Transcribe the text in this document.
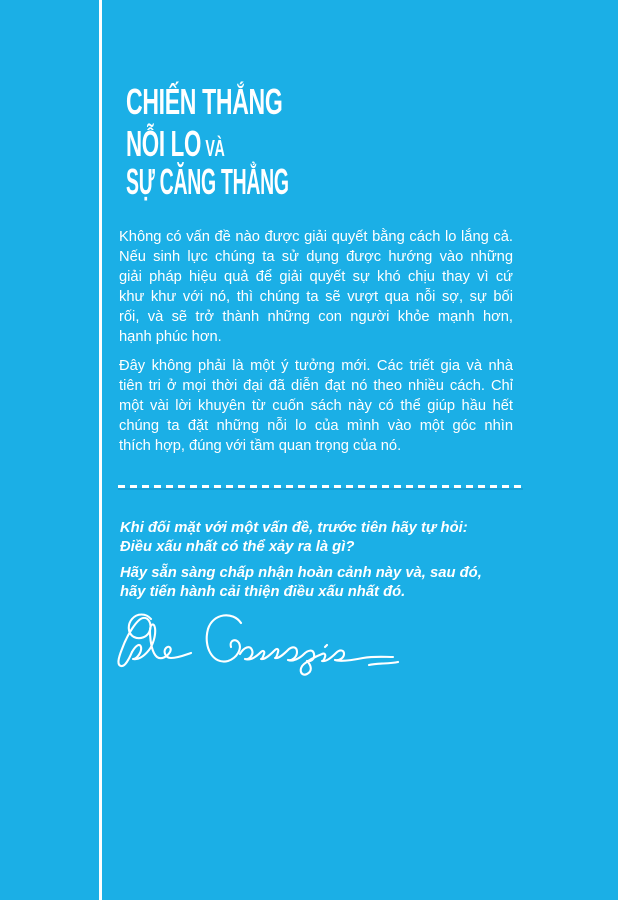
CHIẾN THẮNG
NỖI LO VÀ
SỰ CĂNG THẲNG
Không có vấn đề nào được giải quyết bằng cách lo lắng cả.
Nếu sinh lực chúng ta sử dụng được hướng vào những
giải pháp hiệu quả để giải quyết sự khó chịu thay vì cứ
khư khư với nó, thì chúng ta sẽ vượt qua nỗi sợ, sự bối
rối, và sẽ trở thành những con người khỏe mạnh hơn,
hạnh phúc hơn.
Đây không phải là một ý tưởng mới. Các triết gia và nhà
tiên tri ở mọi thời đại đã diễn đạt nó theo nhiều cách. Chỉ
một vài lời khuyên từ cuốn sách này có thể giúp hầu hết
chúng ta đặt những nỗi lo của mình vào một góc nhìn
thích hợp, đúng với tầm quan trọng của nó.
Khi đối mặt với một vấn đề, trước tiên hãy tự hỏi:
Điều xấu nhất có thể xảy ra là gì?
Hãy sẵn sàng chấp nhận hoàn cảnh này và, sau đó,
hãy tiến hành cải thiện điều xấu nhất đó.
